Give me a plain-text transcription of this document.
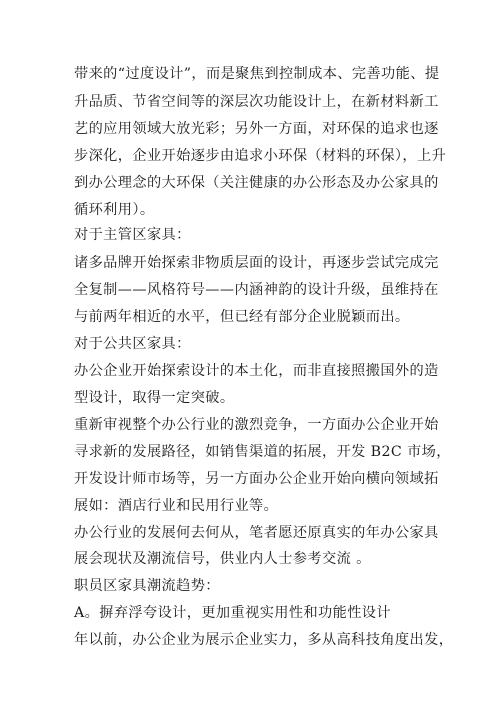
带来的“过度设计”，而是聚焦到控制成本、完善功能、提
升品质、节省空间等的深层次功能设计上，在新材料新工
艺的应用领域大放光彩；另外一方面，对环保的追求也逐
步深化，企业开始逐步由追求小环保（材料的环保），上升
到办公理念的大环保（关注健康的办公形态及办公家具的
循环利用）。
对于主管区家具：
诸多品牌开始探索非物质层面的设计，再逐步尝试完成完
全复制——风格符号——内涵神韵的设计升级，虽维持在
与前两年相近的水平，但已经有部分企业脱颖而出。
对于公共区家具：
办公企业开始探索设计的本土化，而非直接照搬国外的造
型设计，取得一定突破。
重新审视整个办公行业的激烈竞争，一方面办公企业开始
寻求新的发展路径，如销售渠道的拓展，开发 B2C 市场，
开发设计师市场等，另一方面办公企业开始向横向领域拓
展如：酒店行业和民用行业等。
办公行业的发展何去何从，笔者愿还原真实的年办公家具
展会现状及潮流信号，供业内人士参考交流 。
职员区家具潮流趋势：
A。摒弃浮夸设计，更加重视实用性和功能性设计
年以前，办公企业为展示企业实力，多从高科技角度出发，
